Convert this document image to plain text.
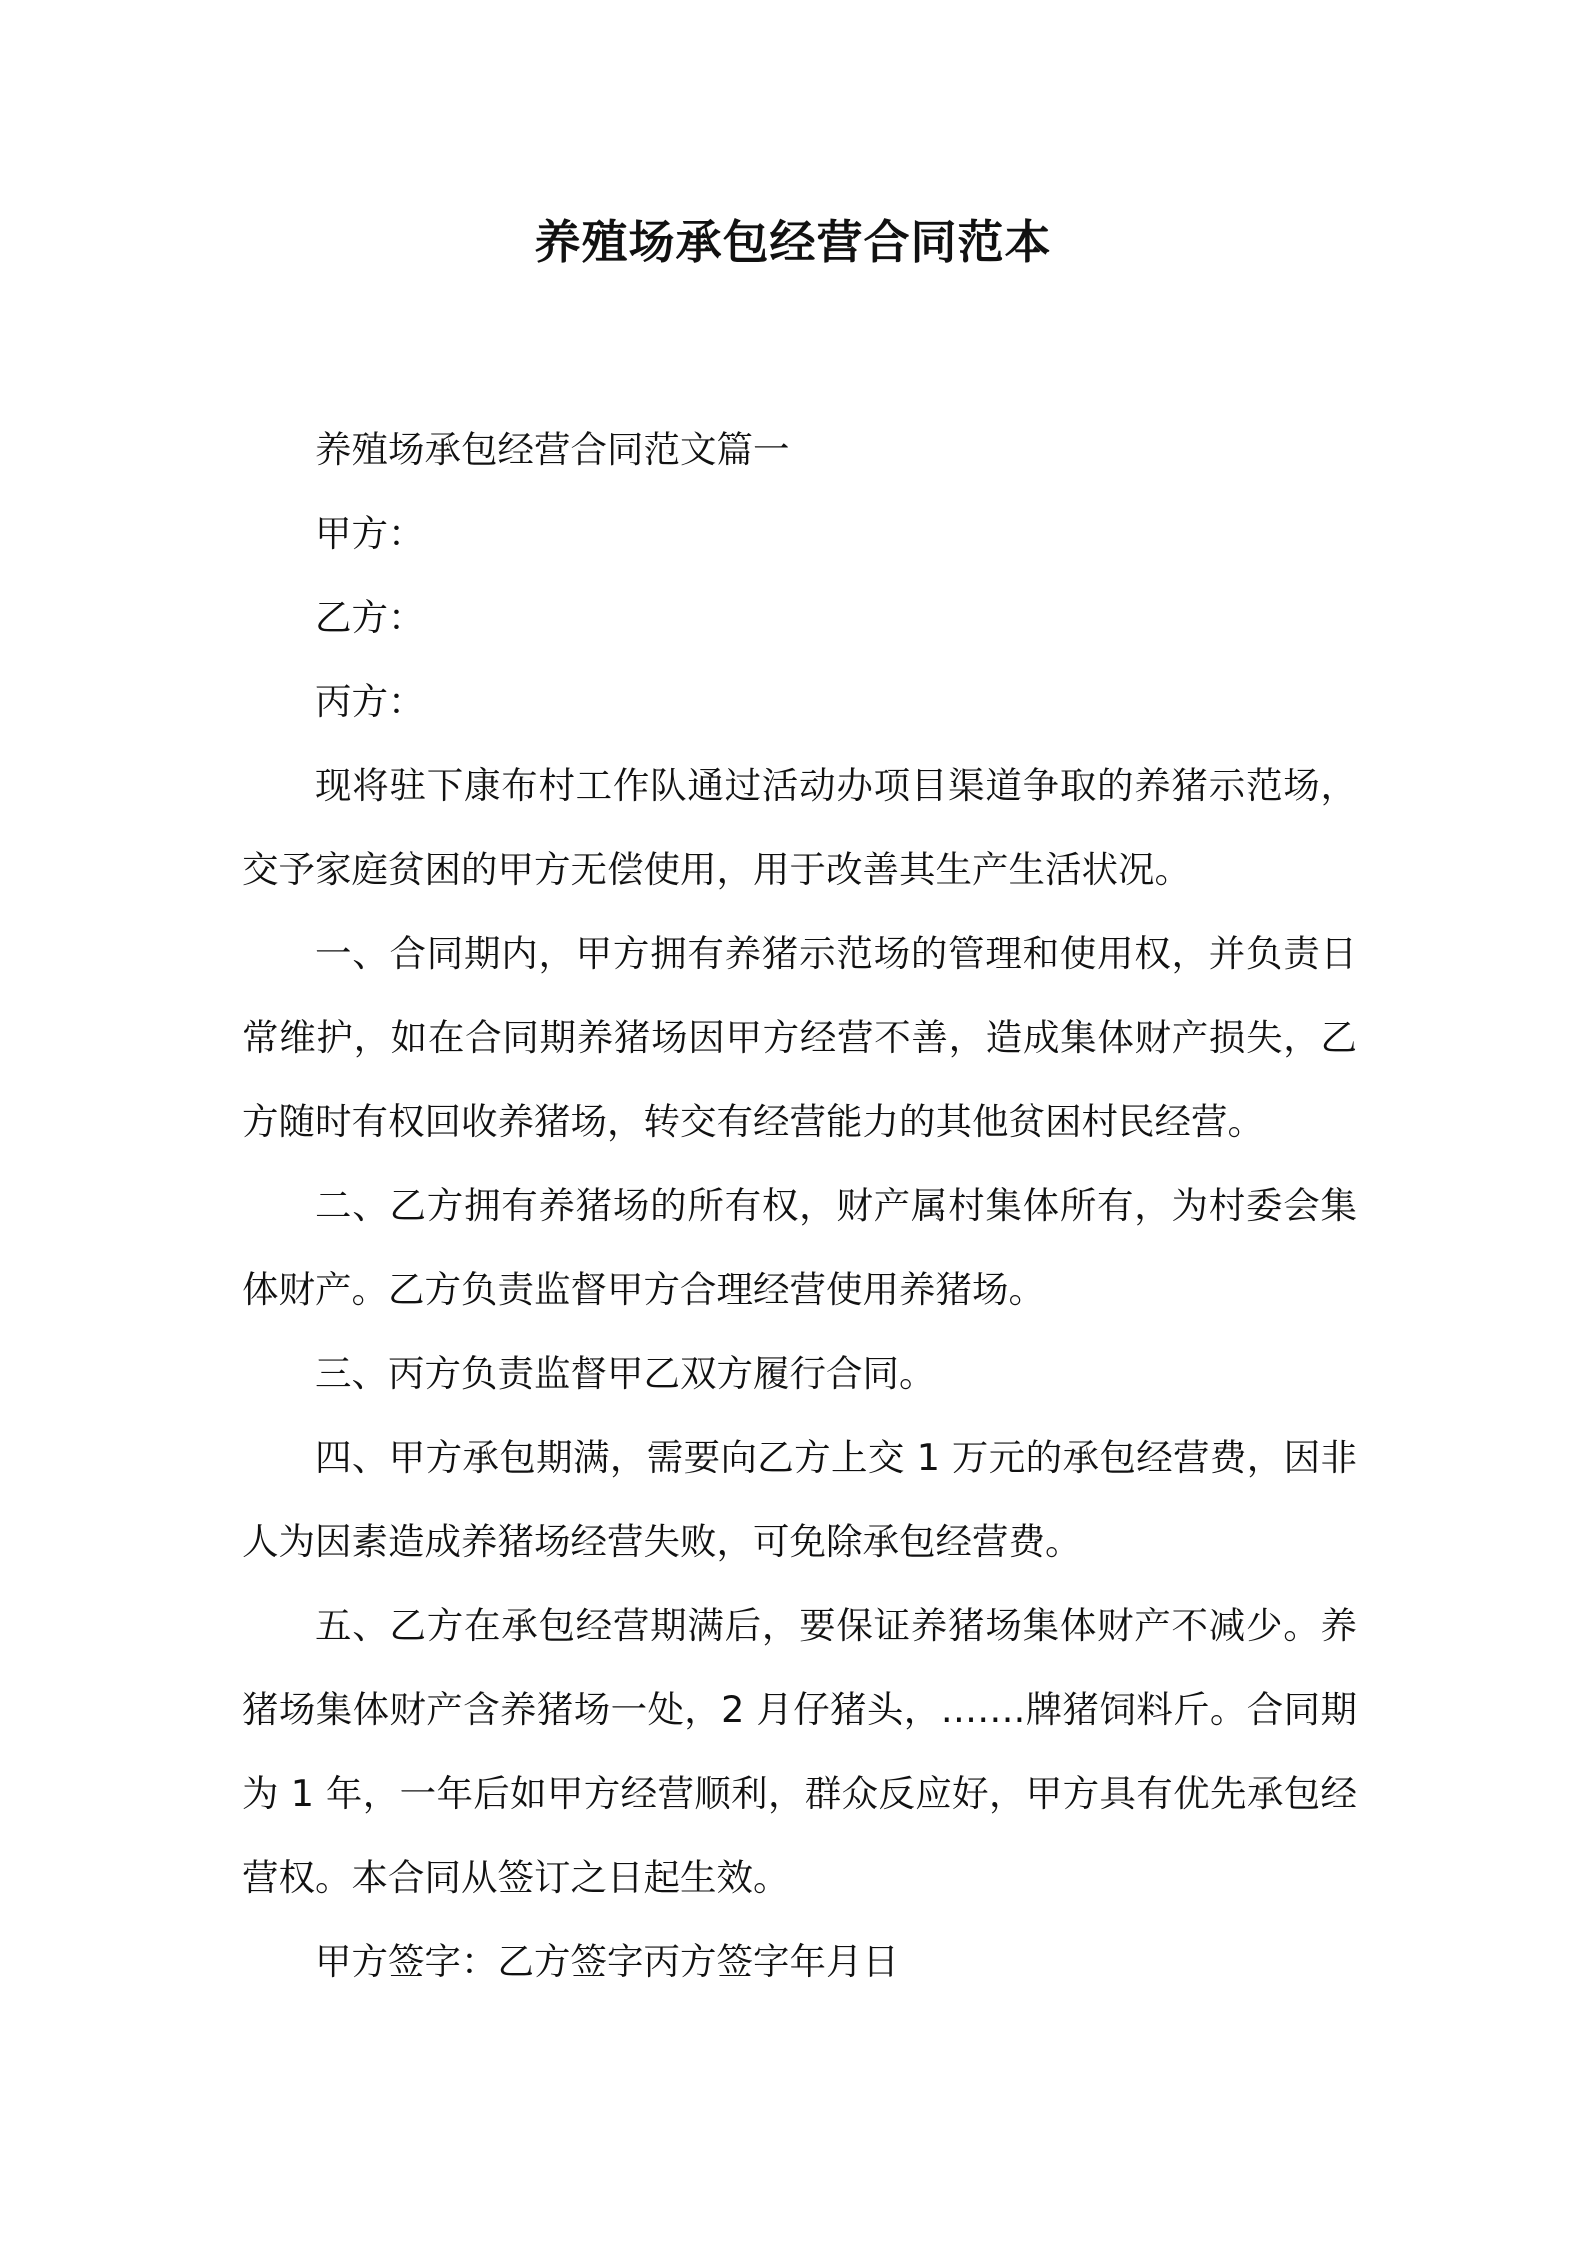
养殖场承包经营合同范本

养殖场承包经营合同范文篇一

甲方：

乙方：

丙方：

现将驻下康布村工作队通过活动办项目渠道争取的养猪示范场，交予家庭贫困的甲方无偿使用，用于改善其生产生活状况。

一、合同期内，甲方拥有养猪示范场的管理和使用权，并负责日常维护，如在合同期养猪场因甲方经营不善，造成集体财产损失，乙方随时有权回收养猪场，转交有经营能力的其他贫困村民经营。

二、乙方拥有养猪场的所有权，财产属村集体所有，为村委会集体财产。乙方负责监督甲方合理经营使用养猪场。

三、丙方负责监督甲乙双方履行合同。

四、甲方承包期满，需要向乙方上交 1 万元的承包经营费，因非人为因素造成养猪场经营失败，可免除承包经营费。

五、乙方在承包经营期满后，要保证养猪场集体财产不减少。养猪场集体财产含养猪场一处，2 月仔猪头，…….牌猪饲料斤。合同期为 1 年，一年后如甲方经营顺利，群众反应好，甲方具有优先承包经营权。本合同从签订之日起生效。

甲方签字：乙方签字丙方签字年月日
